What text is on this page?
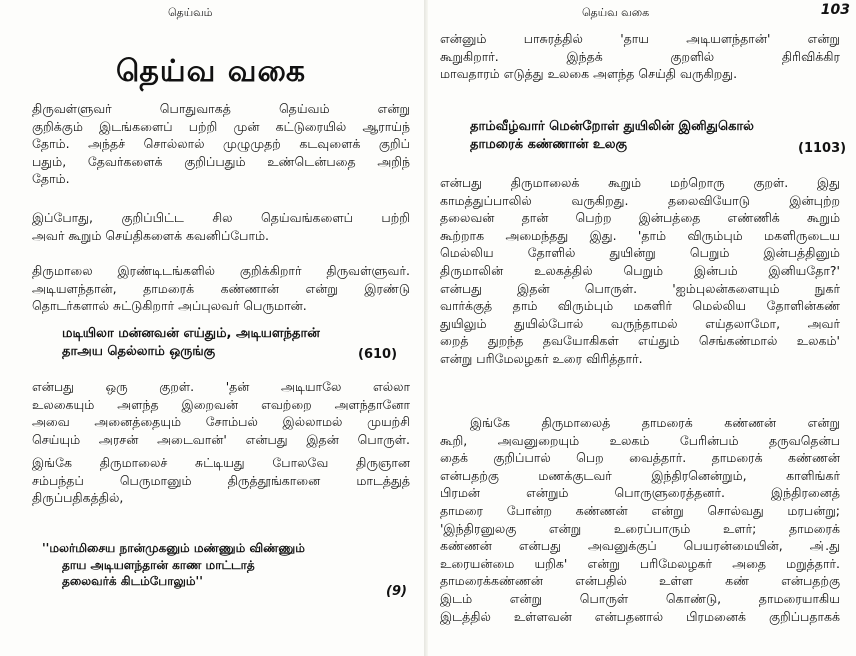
தெய்வம்
தெய்வ வகை
திருவள்ளுவர் பொதுவாகத் தெய்வம் என்று
குறிக்கும் இடங்களைப் பற்றி முன் கட்டுரையில் ஆராய்ந்
தோம். அந்தச் சொல்லால் முழுமுதற் கடவுளைக் குறிப்
பதும், தேவர்களைக் குறிப்பதும் உண்டென்பதை அறிந்
தோம்.
இப்போது, குறிப்பிட்ட சில தெய்வங்களைப் பற்றி
அவர் கூறும் செய்திகளைக் கவனிப்போம்.
திருமாலை இரண்டிடங்களில் குறிக்கிறார் திருவள்ளுவர்.
அடியளந்தான், தாமரைக் கண்ணான் என்று இரண்டு
தொடர்களால் சுட்டுகிறார் அப்புலவர் பெருமான்.
மடியிலா மன்னவன் எய்தும், அடியளந்தான்
தாஅய தெல்லாம் ஒருங்கு	(610)
என்பது ஒரு குறள். 'தன் அடியாலே எல்லா
உலகையும் அளந்த இறைவன் எவற்றை அளந்தானோ
அவை அனைத்தையும் சோம்பல் இல்லாமல் முயற்சி
செய்யும் அரசன் அடைவான்' என்பது இதன் பொருள்.
இங்கே திருமாலைச் சுட்டியது போலவே திருஞான
சம்பந்தப் பெருமானும் திருத்தூங்கானை மாடத்துத்
திருப்பதிகத்தில்,
''மலர்மிசைய நான்முகனும் மண்ணும் விண்ணும்
தாய அடியளந்தான் காண மாட்டாத்
தலைவர்க் கிடம்போலும்''
(9)
தெய்வ வகை	103
என்னும் பாசுரத்தில் 'தாய அடியளந்தான்' என்று
கூறுகிறார். இந்தக் குறளில் திரிவிக்கிர
மாவதாரம் எடுத்து உலகை அளந்த செய்தி வருகிறது.
தாம்வீழ்வார் மென்றோள் துயிலின் இனிதுகொல்
தாமரைக் கண்ணான் உலகு	(1103)
என்பது திருமாலைக் கூறும் மற்றொரு குறள். இது
காமத்துப்பாலில் வருகிறது. தலைவியோடு இன்புற்ற
தலைவன் தான் பெற்ற இன்பத்தை எண்ணிக் கூறும்
கூற்றாக அமைந்தது இது. 'தாம் விரும்பும் மகளிருடைய
மெல்லிய தோளில் துயின்று பெறும் இன்பத்தினும்
திருமாலின் உலகத்தில் பெறும் இன்பம் இனியதோ?'
என்பது இதன் பொருள். 'ஐம்புலன்களையும் நுகர்
வார்க்குத் தாம் விரும்பும் மகளிர் மெல்லிய தோளின்கண்
துயிலும் துயில்போல் வருந்தாமல் எய்தலாமோ, அவர்
றைத் துறந்த தவயோகிகள் எய்தும் செங்கண்மால் உலகம்'
என்று பரிமேலழகர் உரை விரித்தார்.
இங்கே திருமாலைத் தாமரைக் கண்ணன் என்று
கூறி, அவனுறையும் உலகம் பேரின்பம் தருவதென்ப
தைக் குறிப்பால் பெற வைத்தார். தாமரைக் கண்ணன்
என்பதற்கு மணக்குடவர் இந்திரனென்றும், காளிங்கர்
பிரமன் என்றும் பொருளுரைத்தனர். இந்திரனைத்
தாமரை போன்ற கண்ணன் என்று சொல்வது மரபன்று;
'இந்திரனுலகு என்று உரைப்பாரும் உளர்; தாமரைக்
கண்ணன் என்பது அவனுக்குப் பெயரன்மையின், அ்.து
உரையன்மை யறிக' என்று பரிமேலழகர் அதை மறுத்தார்.
தாமரைக்கண்ணன் என்பதில் உள்ள கண் என்பதற்கு
இடம் என்று பொருள் கொண்டு, தாமரையாகிய
இடத்தில் உள்ளவன் என்பதனால் பிரமனைக் குறிப்பதாகக்
